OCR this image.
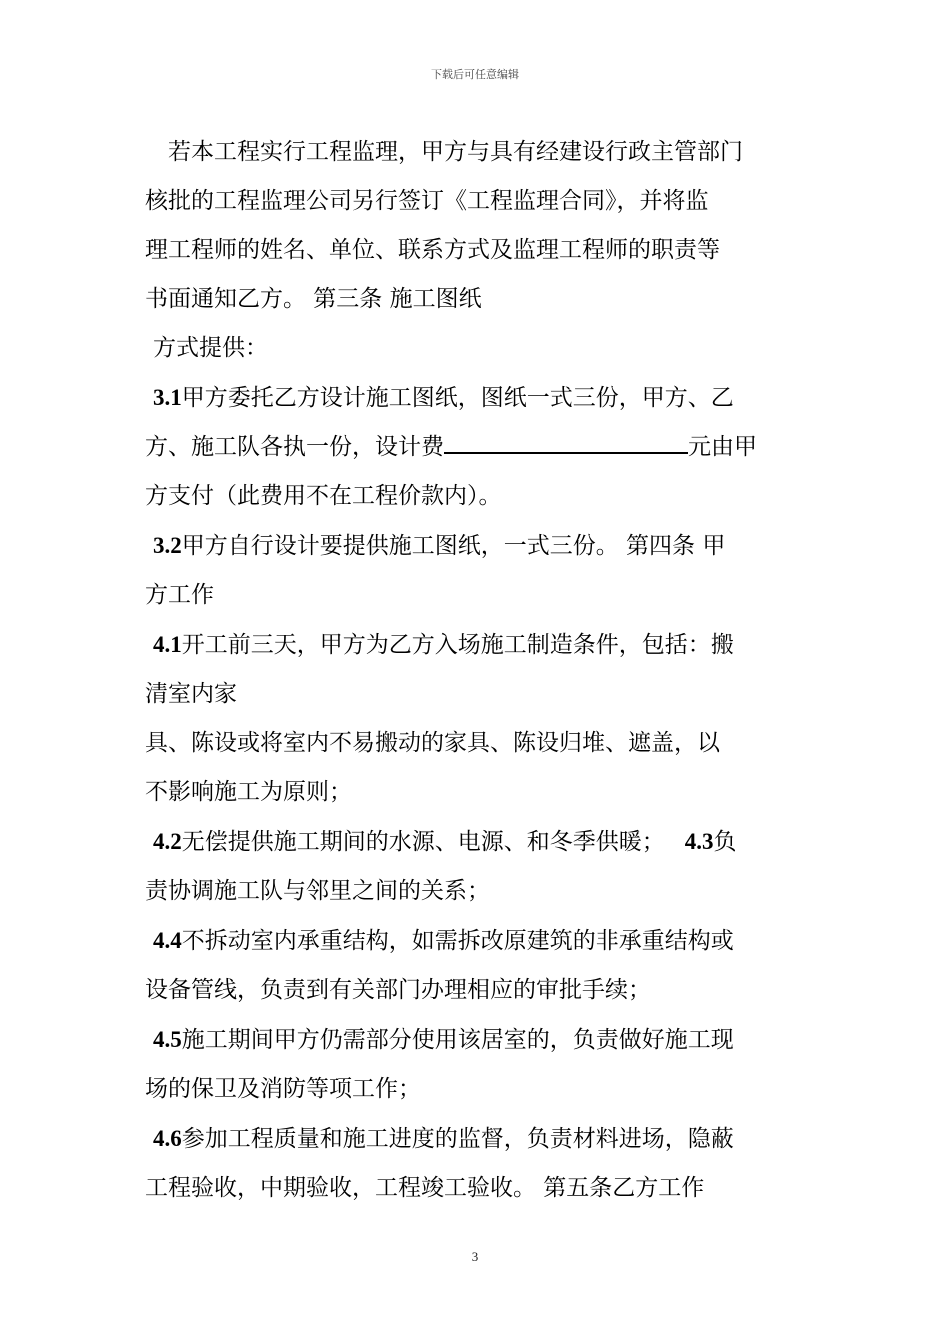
下载后可任意编辑

 若本工程实行工程监理，甲方与具有经建设行政主管部门

核批的工程监理公司另行签订《工程监理合同》，并将监

理工程师的姓名、单位、联系方式及监理工程师的职责等

书面通知乙方。 第三条 施工图纸

方式提供：

3.1甲方委托乙方设计施工图纸，图纸一式三份，甲方、乙

方、施工队各执一份，设计费	元由甲

方支付（此费用不在工程价款内）。

3.2甲方自行设计要提供施工图纸，一式三份。 第四条 甲

方工作

4.1开工前三天，甲方为乙方入场施工制造条件，包括：搬

清室内家

具、陈设或将室内不易搬动的家具、陈设归堆、遮盖，以

不影响施工为原则；

4.2无偿提供施工期间的水源、电源、和冬季供暖； 4.3负

责协调施工队与邻里之间的关系；

4.4不拆动室内承重结构，如需拆改原建筑的非承重结构或

设备管线，负责到有关部门办理相应的审批手续；

4.5施工期间甲方仍需部分使用该居室的，负责做好施工现

场的保卫及消防等项工作；

4.6参加工程质量和施工进度的监督，负责材料进场，隐蔽

工程验收，中期验收，工程竣工验收。 第五条乙方工作

3
